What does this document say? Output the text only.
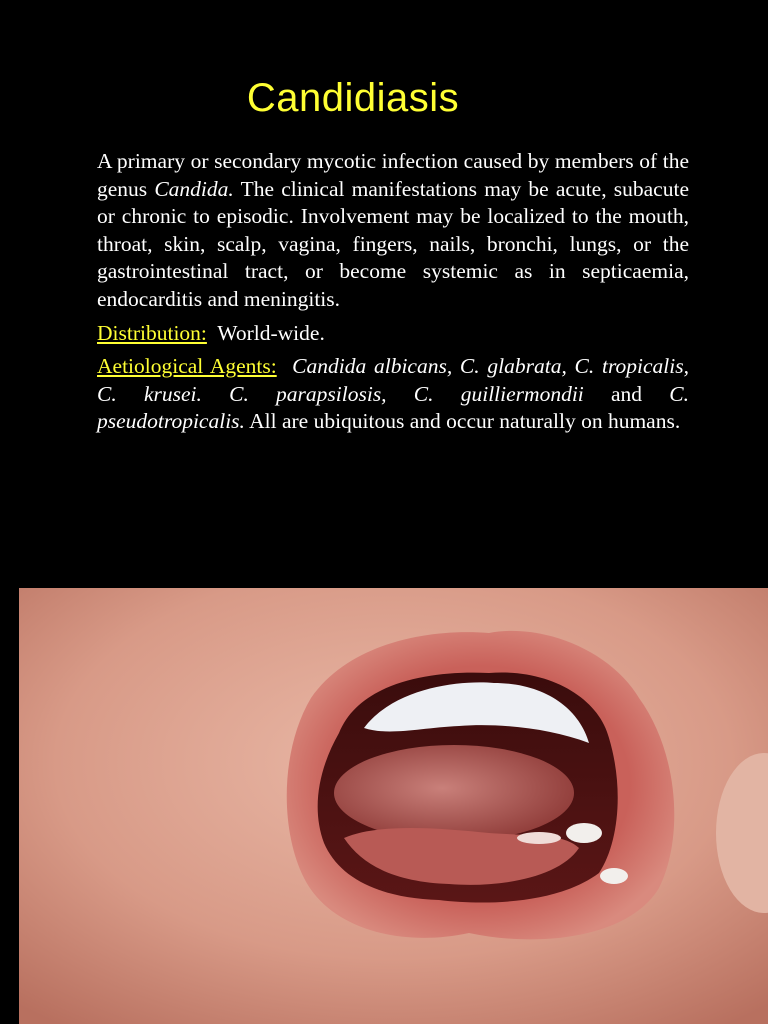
Candidiasis

A primary or secondary mycotic infection caused by members of the genus Candida. The clinical manifestations may be acute, subacute or chronic to episodic. Involvement may be localized to the mouth, throat, skin, scalp, vagina, fingers, nails, bronchi, lungs, or the gastrointestinal tract, or become systemic as in septicaemia, endocarditis and meningitis.

Distribution: World-wide.

Aetiological Agents: Candida albicans, C. glabrata, C. tropicalis, C. krusei. C. parapsilosis, C. guilliermondii and C. pseudotropicalis. All are ubiquitous and occur naturally on humans.
